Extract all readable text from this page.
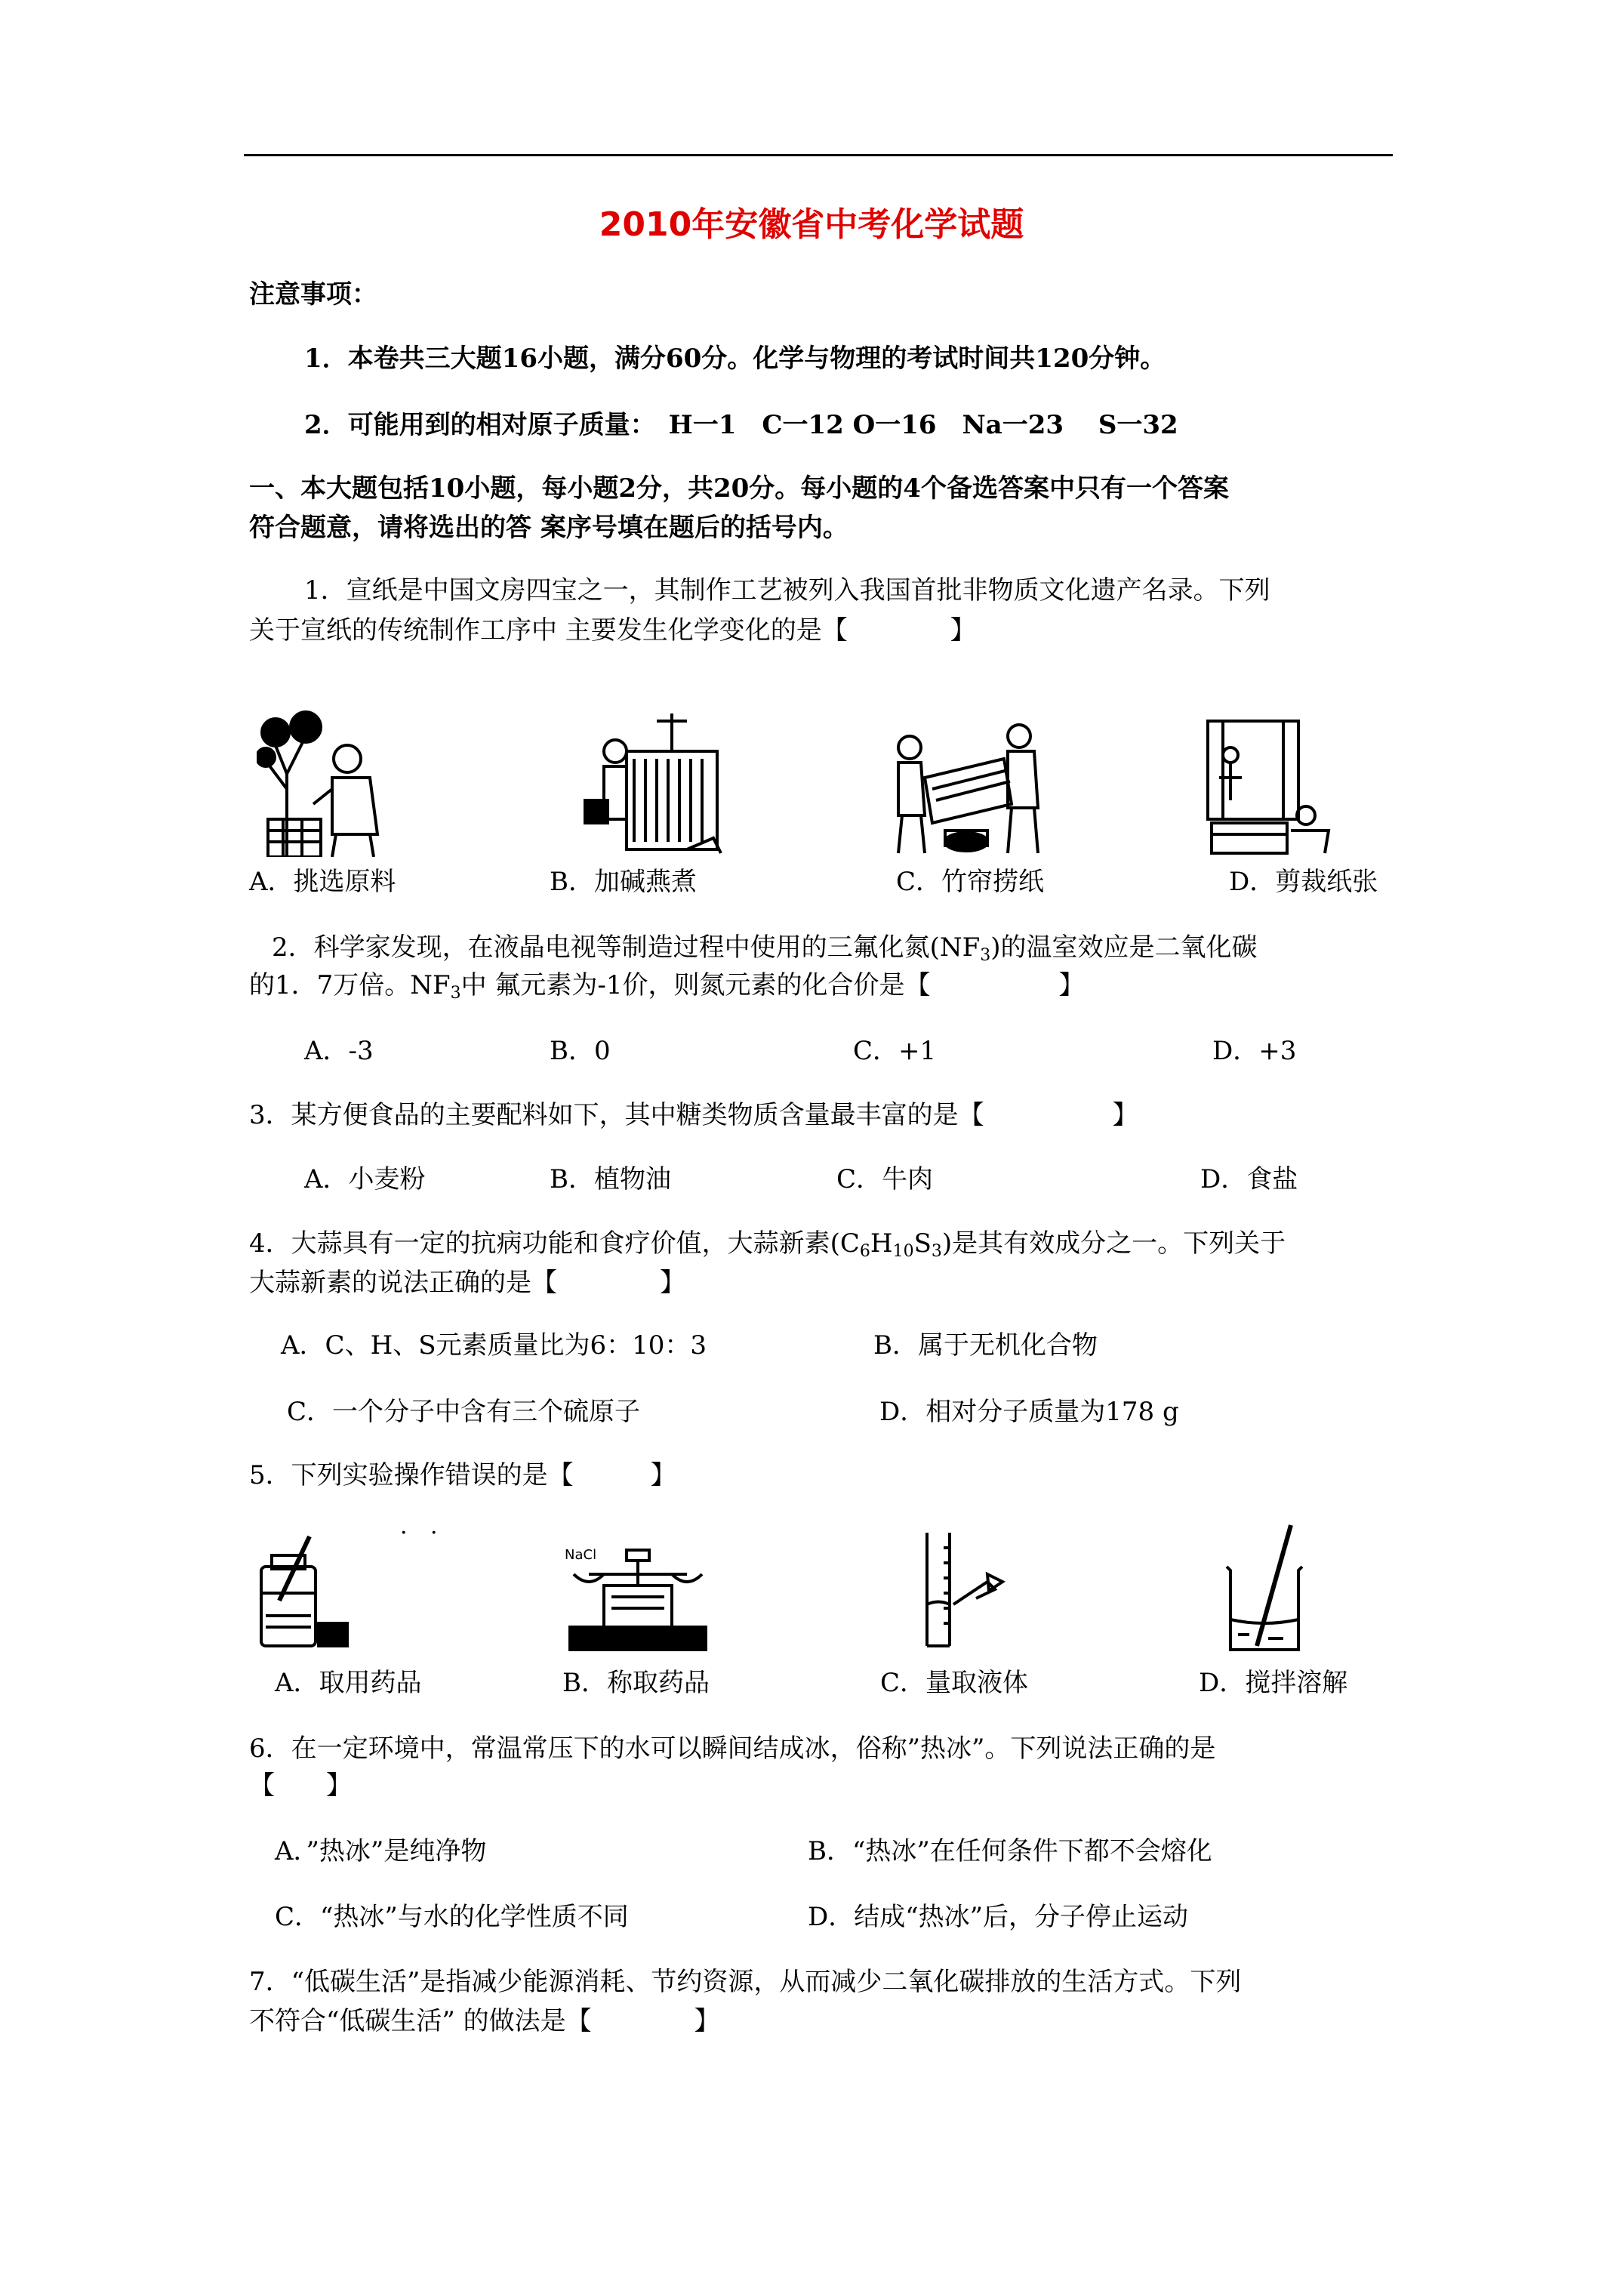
2010年安徽省中考化学试题
注意事项：
1．本卷共三大题16小题，满分60分。化学与物理的考试时间共120分钟。
2．可能用到的相对原子质量：　H一1　C一12 O一16　Na一23　 S一32
一、本大题包括10小题，每小题2分，共20分。每小题的4个备选答案中只有一个答案
符合题意，请将选出的答 案序号填在题后的括号内。
1．宣纸是中国文房四宝之一，其制作工艺被列入我国首批非物质文化遗产名录。下列
关于宣纸的传统制作工序中 主要发生化学变化的是【　　　　】
A．挑选原料	B．加碱燕煮	C．竹帘捞纸	D．剪裁纸张
2．科学家发现，在液晶电视等制造过程中使用的三氟化氮$(NF_3)$的温室效应是二氧化碳
的1．7万倍。$NF_3$中 氟元素为-1价，则氮元素的化合价是【　　　　　】
A．-3	B．0	C．+1	D．+3
3．某方便食品的主要配料如下，其中糖类物质含量最丰富的是【　　　　　】
A．小麦粉	B．植物油	C．牛肉	D．食盐
4．大蒜具有一定的抗病功能和食疗价值，大蒜新素$(C_6H_{10}S_3)$是其有效成分之一。下列关于
大蒜新素的说法正确的是【　　　　】
A．C、H、S元素质量比为6：10：3	B．属于无机化合物
C．一个分子中含有三个硫原子	D．相对分子质量为178 g
5．下列实验操作错误的是【　　　】
· ·
NaCl
A．取用药品	B．称取药品	C．量取液体	D．搅拌溶解
6．在一定环境中，常温常压下的水可以瞬间结成冰，俗称”热冰”。下列说法正确的是
【　　】
A．”热冰”是纯净物	B．“热冰”在任何条件下都不会熔化
C．“热冰”与水的化学性质不同	D．结成“热冰”后，分子停止运动
7．“低碳生活”是指减少能源消耗、节约资源，从而减少二氧化碳排放的生活方式。下列
不符合“低碳生活” 的做法是【　　　　】
